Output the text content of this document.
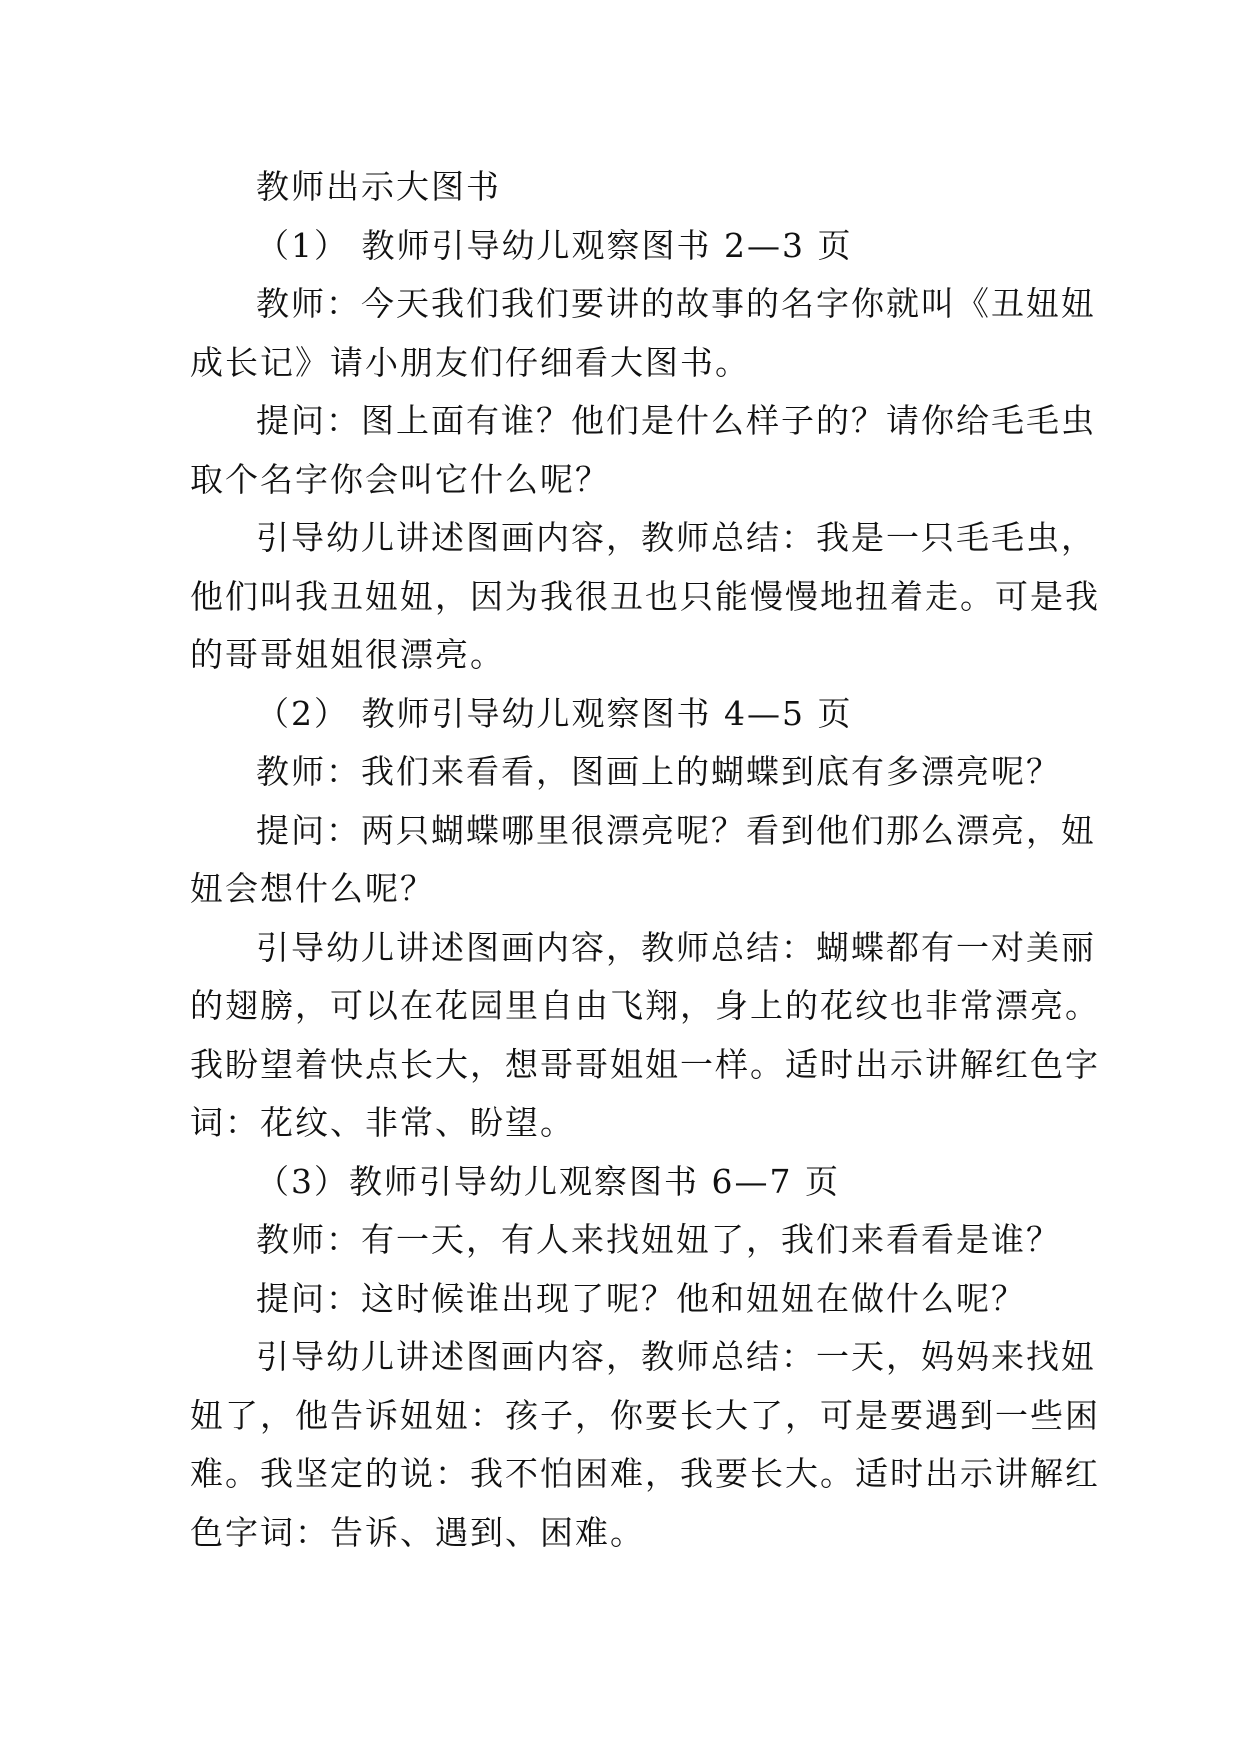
教师出示大图书
（1） 教师引导幼儿观察图书 2—3 页
教师：今天我们我们要讲的故事的名字你就叫《丑妞妞
成长记》请小朋友们仔细看大图书。
提问：图上面有谁？他们是什么样子的？请你给毛毛虫
取个名字你会叫它什么呢？
引导幼儿讲述图画内容，教师总结：我是一只毛毛虫，
他们叫我丑妞妞，因为我很丑也只能慢慢地扭着走。可是我
的哥哥姐姐很漂亮。
（2） 教师引导幼儿观察图书 4—5 页
教师：我们来看看，图画上的蝴蝶到底有多漂亮呢？
提问：两只蝴蝶哪里很漂亮呢？看到他们那么漂亮，妞
妞会想什么呢？
引导幼儿讲述图画内容，教师总结：蝴蝶都有一对美丽
的翅膀，可以在花园里自由飞翔，身上的花纹也非常漂亮。
我盼望着快点长大，想哥哥姐姐一样。适时出示讲解红色字
词：花纹、非常、盼望。
（3）教师引导幼儿观察图书 6—7 页
教师：有一天，有人来找妞妞了，我们来看看是谁？
提问：这时候谁出现了呢？他和妞妞在做什么呢？
引导幼儿讲述图画内容，教师总结：一天，妈妈来找妞
妞了，他告诉妞妞：孩子，你要长大了，可是要遇到一些困
难。我坚定的说：我不怕困难，我要长大。适时出示讲解红
色字词：告诉、遇到、困难。
